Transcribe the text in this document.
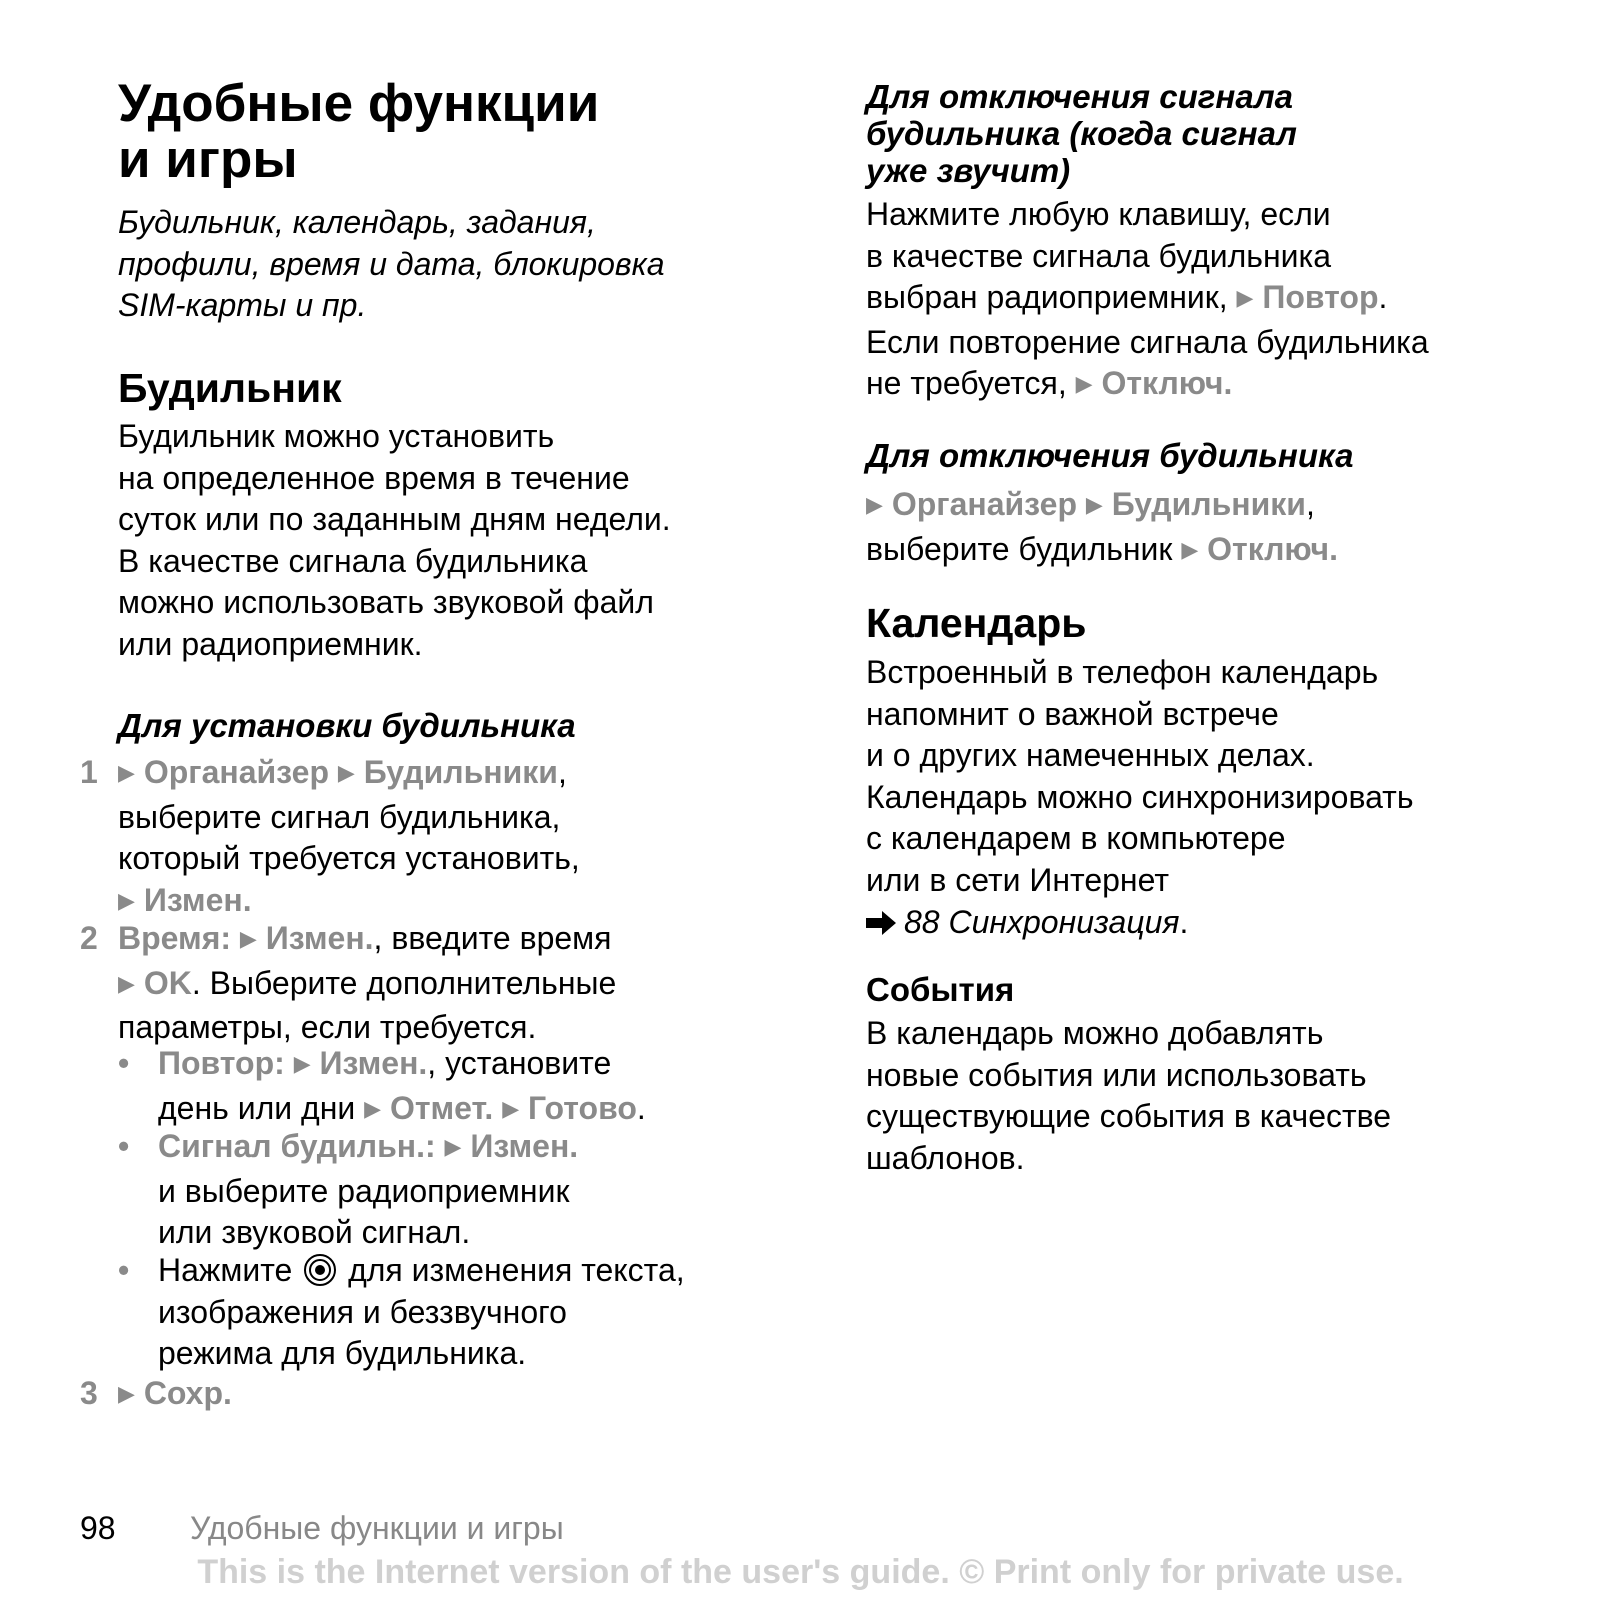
Удобные функции
и игры
Будильник, календарь, задания,
профили, время и дата, блокировка
SIM-карты и пр.
Будильник
Будильник можно установить
на определенное время в течение
суток или по заданным дням недели.
В качестве сигнала будильника
можно использовать звуковой файл
или радиоприемник.
Для установки будильника
1 ▶ Органайзер ▶ Будильники,
выберите сигнал будильника,
который требуется установить,
▶ Измен.
2 Время: ▶ Измен., введите время
▶ OK. Выберите дополнительные
параметры, если требуется.
• Повтор: ▶ Измен., установите
день или дни ▶ Отмет. ▶ Готово.
• Сигнал будильн.: ▶ Измен.
и выберите радиоприемник
или звуковой сигнал.
• Нажмите для изменения текста,
изображения и беззвучного
режима для будильника.
3 ▶ Сохр.
Для отключения сигнала
будильника (когда сигнал
уже звучит)
Нажмите любую клавишу, если
в качестве сигнала будильника
выбран радиоприемник, ▶ Повтор.
Если повторение сигнала будильника
не требуется, ▶ Отключ.
Для отключения будильника
▶ Органайзер ▶ Будильники,
выберите будильник ▶ Отключ.
Календарь
Встроенный в телефон календарь
напомнит о важной встрече
и о других намеченных делах.
Календарь можно синхронизировать
с календарем в компьютере
или в сети Интернет
88 Синхронизация.
События
В календарь можно добавлять
новые события или использовать
существующие события в качестве
шаблонов.
98 Удобные функции и игры
This is the Internet version of the user's guide. © Print only for private use.
